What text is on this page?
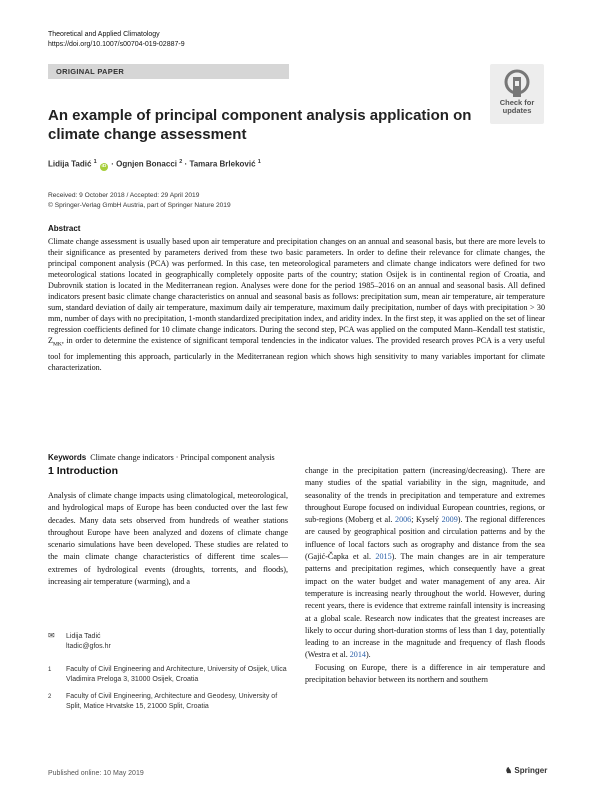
Theoretical and Applied Climatology
https://doi.org/10.1007/s00704-019-02887-9
ORIGINAL PAPER
Check for
updates
An example of principal component analysis application on climate change assessment
Lidija Tadić $^1$ iD · Ognjen Bonacci $^2$ · Tamara Brleković $^1$
Received: 9 October 2018 / Accepted: 29 April 2019
© Springer-Verlag GmbH Austria, part of Springer Nature 2019
Abstract
Climate change assessment is usually based upon air temperature and precipitation changes on an annual and seasonal basis, but there are more levels to their significance as presented by parameters derived from these two basic parameters. In order to define their relevance for climate changes, the principal component analysis (PCA) was performed. In this case, ten meteorological parameters and climate change indicators were defined for two meteorological stations located in geographically completely opposite parts of the country; station Osijek is in continental region of Croatia, and Dubrovnik station is located in the Mediterranean region. Analyses were done for the period 1985–2016 on an annual and seasonal basis. All defined indicators present basic climate change characteristics on annual and seasonal basis as follows: precipitation sum, mean air temperature, air temperature sum, standard deviation of daily air temperature, maximum daily air temperature, maximum daily precipitation, number of days with precipitation > 30 mm, number of days with no precipitation, 1-month standardized precipitation index, and aridity index. In the first step, it was applied on the set of linear regression coefficients defined for 10 climate change indicators. During the second step, PCA was applied on the computed Mann–Kendall test statistic, $Z_{MK}$, in order to determine the existence of significant temporal tendencies in the indicator values. The provided research proves PCA is a very useful tool for implementing this approach, particularly in the Mediterranean region which shows high sensitivity to many variables important for climate characterization.
Keywords Climate change indicators · Principal component analysis
1 Introduction
Analysis of climate change impacts using climatological, meteorological, and hydrological maps of Europe has been conducted over the last few decades. Many data sets observed from hundreds of weather stations throughout Europe have been analyzed and dozens of climate change scenario simulations have been developed. These studies are related to the main climate change characteristics of different time scales—extremes of hydrological events (droughts, torrents, and floods), increasing air temperature (warming), and a
change in the precipitation pattern (increasing/decreasing). There are many studies of the spatial variability in the sign, magnitude, and seasonality of the trends in precipitation and temperature and extremes throughout Europe focused on individual European countries, regions, or sub-regions (Moberg et al. 2006; Kyselý 2009). The regional differences are caused by geographical position and circulation patterns and by the influence of local factors such as orography and distance from the sea (Gajić-Čapka et al. 2015). The main changes are in air temperature patterns and precipitation regimes, which consequently have a great impact on the water budget and water management of any area. Air temperature is increasing nearly throughout the world. However, during recent years, there is evidence that extreme rainfall intensity is increasing at a global scale. Research now indicates that the greatest increases are likely to occur during short-duration storms of less than 1 day, potentially leading to an increase in the magnitude and frequency of flash floods (Westra et al. 2014).
Focusing on Europe, there is a difference in air temperature and precipitation behavior between its northern and southern
✉ Lidija Tadić
ltadic@gfos.hr
1	Faculty of Civil Engineering and Architecture, University of Osijek, Ulica Vladimira Preloga 3, 31000 Osijek, Croatia
2	Faculty of Civil Engineering, Architecture and Geodesy, University of Split, Matice Hrvatske 15, 21000 Split, Croatia
Published online: 10 May 2019	♞ Springer
